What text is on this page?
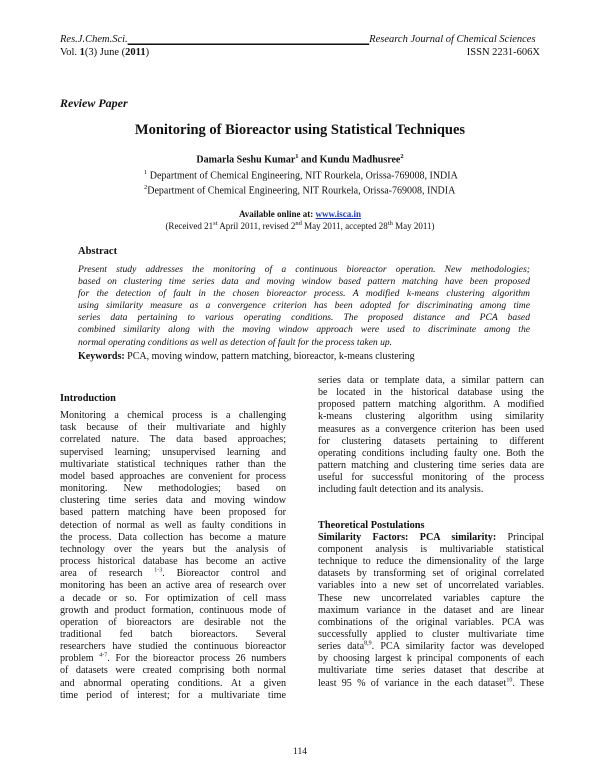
Res.J.Chem.Sci.______________________________________________Research Journal of Chemical Sciences
Vol. 1(3) June (2011)	ISSN 2231-606X
Review Paper
Monitoring of Bioreactor using Statistical Techniques
Damarla Seshu Kumar$^1$ and Kundu Madhusree$^2$
$^1$ Department of Chemical Engineering, NIT Rourkela, Orissa-769008, INDIA
$^2$Department of Chemical Engineering, NIT Rourkela, Orissa-769008, INDIA
Available online at: www.isca.in
(Received 21st April 2011, revised 2nd May 2011, accepted 28th May 2011)
Abstract
Present study addresses the monitoring of a continuous bioreactor operation. New methodologies;
based on clustering time series data and moving window based pattern matching have been proposed
for the detection of fault in the chosen bioreactor process. A modified k-means clustering algorithm
using similarity measure as a convergence criterion has been adopted for discriminating among time
series data pertaining to various operating conditions. The proposed distance and PCA based
combined similarity along with the moving window approach were used to discriminate among the
normal operating conditions as well as detection of fault for the process taken up.
Keywords: PCA, moving window, pattern matching, bioreactor, k-means clustering
Introduction
Monitoring a chemical process is a challenging
task because of their multivariate and highly
correlated nature. The data based approaches;
supervised learning; unsupervised learning and
multivariate statistical techniques rather than the
model based approaches are convenient for process
monitoring. New methodologies; based on
clustering time series data and moving window
based pattern matching have been proposed for
detection of normal as well as faulty conditions in
the process. Data collection has become a mature
technology over the years but the analysis of
process historical database has become an active
area of research $^{1-3}$. Bioreactor control and
monitoring has been an active area of research over
a decade or so. For optimization of cell mass
growth and product formation, continuous mode of
operation of bioreactors are desirable not the
traditional fed batch bioreactors. Several
researchers have studied the continuous bioreactor
problem $^{4-7}$. For the bioreactor process 26 numbers
of datasets were created comprising both normal
and abnormal operating conditions. At a given
time period of interest; for a multivariate time
series data or template data, a similar pattern can
be located in the historical database using the
proposed pattern matching algorithm. A modified
k-means clustering algorithm using similarity
measures as a convergence criterion has been used
for clustering datasets pertaining to different
operating conditions including faulty one. Both the
pattern matching and clustering time series data are
useful for successful monitoring of the process
including fault detection and its analysis.
Theoretical Postulations
Similarity Factors: PCA similarity: Principal
component analysis is multivariable statistical
technique to reduce the dimensionality of the large
datasets by transforming set of original correlated
variables into a new set of uncorrelated variables.
These new uncorrelated variables capture the
maximum variance in the dataset and are linear
combinations of the original variables. PCA was
successfully applied to cluster multivariate time
series data$^{8,9}$. PCA similarity factor was developed
by choosing largest k principal components of each
multivariate time series dataset that describe at
least 95 % of variance in the each dataset$^{10}$. These
114
